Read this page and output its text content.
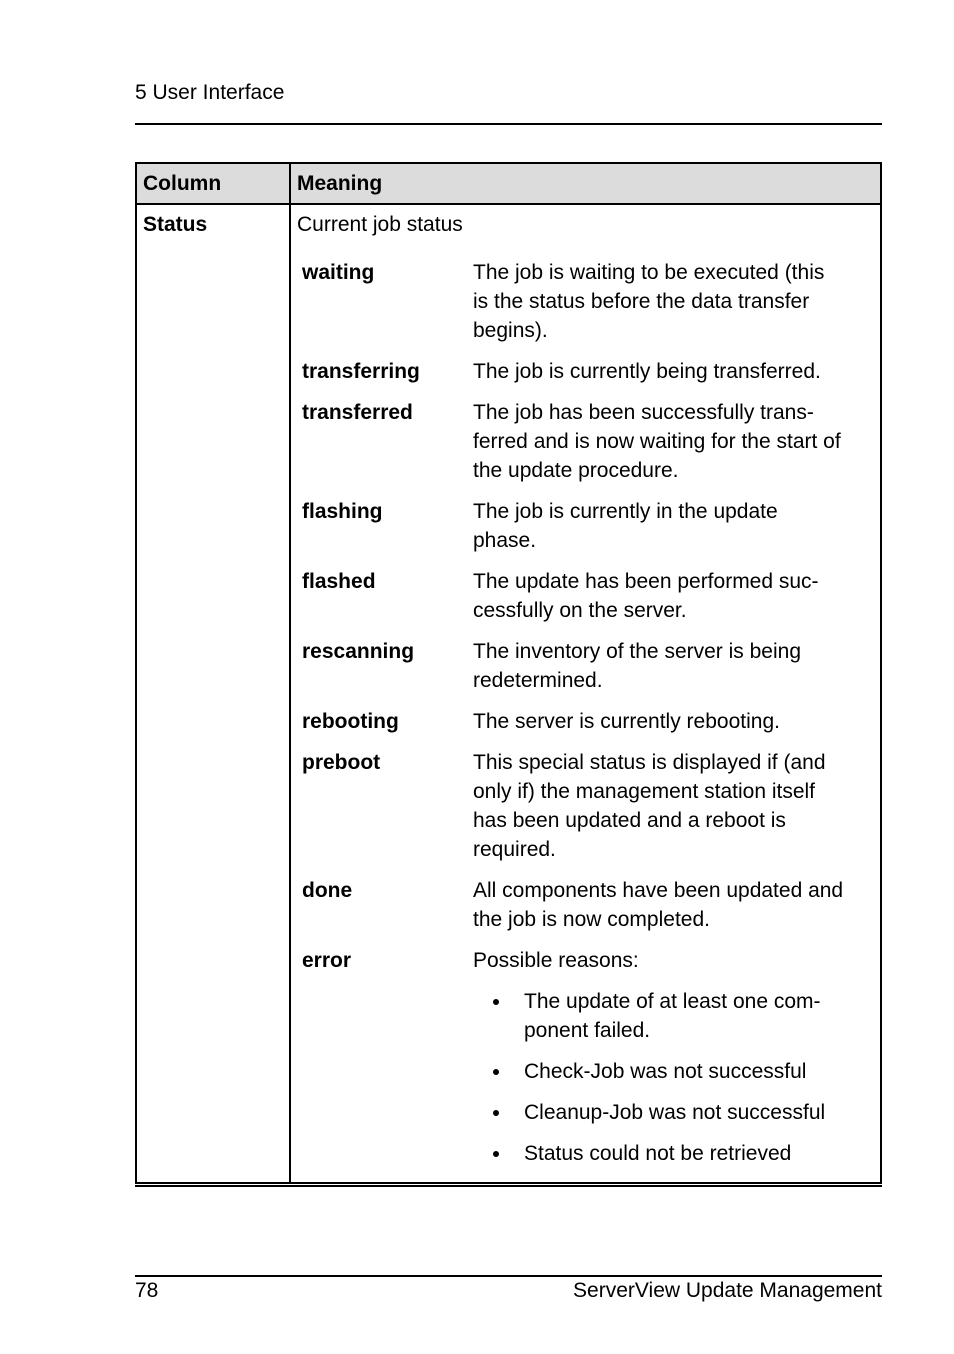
5 User Interface
Column	Meaning
Status	Current job status
waiting	The job is waiting to be executed (this
is the status before the data transfer
begins).
transferring	The job is currently being transferred.
transferred	The job has been successfully trans-
ferred and is now waiting for the start of
the update procedure.
flashing	The job is currently in the update
phase.
flashed	The update has been performed suc-
cessfully on the server.
rescanning	The inventory of the server is being
redetermined.
rebooting	The server is currently rebooting.
preboot	This special status is displayed if (and
only if) the management station itself
has been updated and a reboot is
required.
done	All components have been updated and
the job is now completed.
error	Possible reasons:
The update of at least one com-
ponent failed.
Check-Job was not successful
Cleanup-Job was not successful
Status could not be retrieved
78	ServerView Update Management
